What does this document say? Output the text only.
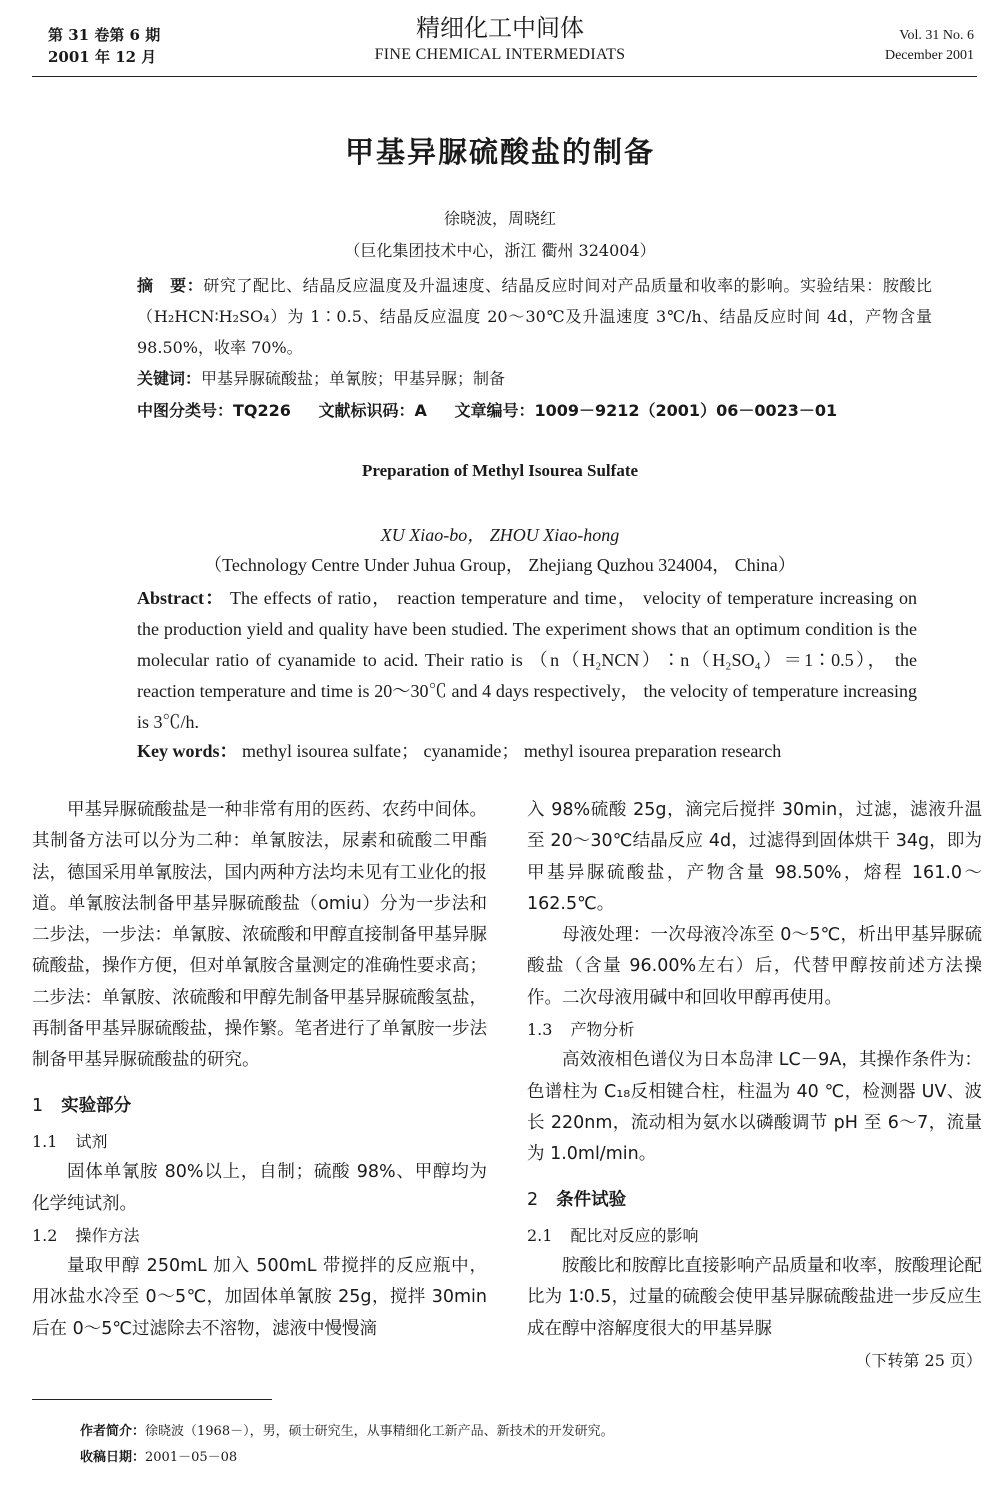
第 31 卷第 6 期
2001 年 12 月
精细化工中间体
FINE CHEMICAL INTERMEDIATS
Vol. 31 No. 6
December 2001
甲基异脲硫酸盐的制备
徐晓波，周晓红
（巨化集团技术中心，浙江 衢州 324004）
摘　要：研究了配比、结晶反应温度及升温速度、结晶反应时间对产品质量和收率的影响。实验结果：胺酸比（H₂HCN∶H₂SO₄）为 1∶0.5、结晶反应温度 20～30℃及升温速度 3℃/h、结晶反应时间 4d，产物含量 98.50%，收率 70%。
关键词：甲基异脲硫酸盐；单氰胺；甲基异脲；制备
中图分类号：TQ226 文献标识码：A 文章编号：1009－9212（2001）06－0023－01
Preparation of Methyl Isourea Sulfate
XU Xiao-bo， ZHOU Xiao-hong
（Technology Centre Under Juhua Group， Zhejiang Quzhou 324004， China）
Abstract： The effects of ratio， reaction temperature and time， velocity of temperature increasing on the production yield and quality have been studied. The experiment shows that an optimum condition is the molecular ratio of cyanamide to acid. Their ratio is （n（H₂NCN）∶n（H₂SO₄）＝1∶0.5）， the reaction temperature and time is 20～30℃ and 4 days respectively， the velocity of temperature increasing is 3℃/h.
Key words： methyl isourea sulfate； cyanamide； methyl isourea preparation research

甲基异脲硫酸盐是一种非常有用的医药、农药中间体。其制备方法可以分为二种：单氰胺法，尿素和硫酸二甲酯法，德国采用单氰胺法，国内两种方法均未见有工业化的报道。单氰胺法制备甲基异脲硫酸盐（omiu）分为一步法和二步法，一步法：单氰胺、浓硫酸和甲醇直接制备甲基异脲硫酸盐，操作方便，但对单氰胺含量测定的准确性要求高；二步法：单氰胺、浓硫酸和甲醇先制备甲基异脲硫酸氢盐，再制备甲基异脲硫酸盐，操作繁。笔者进行了单氰胺一步法制备甲基异脲硫酸盐的研究。

1 实验部分

1.1 试剂

固体单氰胺 80%以上，自制；硫酸 98%、甲醇均为化学纯试剂。

1.2 操作方法

量取甲醇 250mL 加入 500mL 带搅拌的反应瓶中，用冰盐水冷至 0～5℃，加固体单氰胺 25g，搅拌 30min 后在 0～5℃过滤除去不溶物，滤液中慢慢滴

入 98%硫酸 25g，滴完后搅拌 30min，过滤，滤液升温至 20～30℃结晶反应 4d，过滤得到固体烘干 34g，即为甲基异脲硫酸盐，产物含量 98.50%，熔程 161.0～162.5℃。

母液处理：一次母液冷冻至 0～5℃，析出甲基异脲硫酸盐（含量 96.00%左右）后，代替甲醇按前述方法操作。二次母液用碱中和回收甲醇再使用。

1.3 产物分析

高效液相色谱仪为日本岛津 LC－9A，其操作条件为：色谱柱为 C₁₈反相键合柱，柱温为 40 ℃，检测器 UV、波长 220nm，流动相为氨水以磷酸调节 pH 至 6～7，流量为 1.0ml/min。

2 条件试验

2.1 配比对反应的影响

胺酸比和胺醇比直接影响产品质量和收率，胺酸理论配比为 1∶0.5，过量的硫酸会使甲基异脲硫酸盐进一步反应生成在醇中溶解度很大的甲基异脲

（下转第 25 页）

作者简介：徐晓波（1968－），男，硕士研究生，从事精细化工新产品、新技术的开发研究。
收稿日期：2001－05－08
